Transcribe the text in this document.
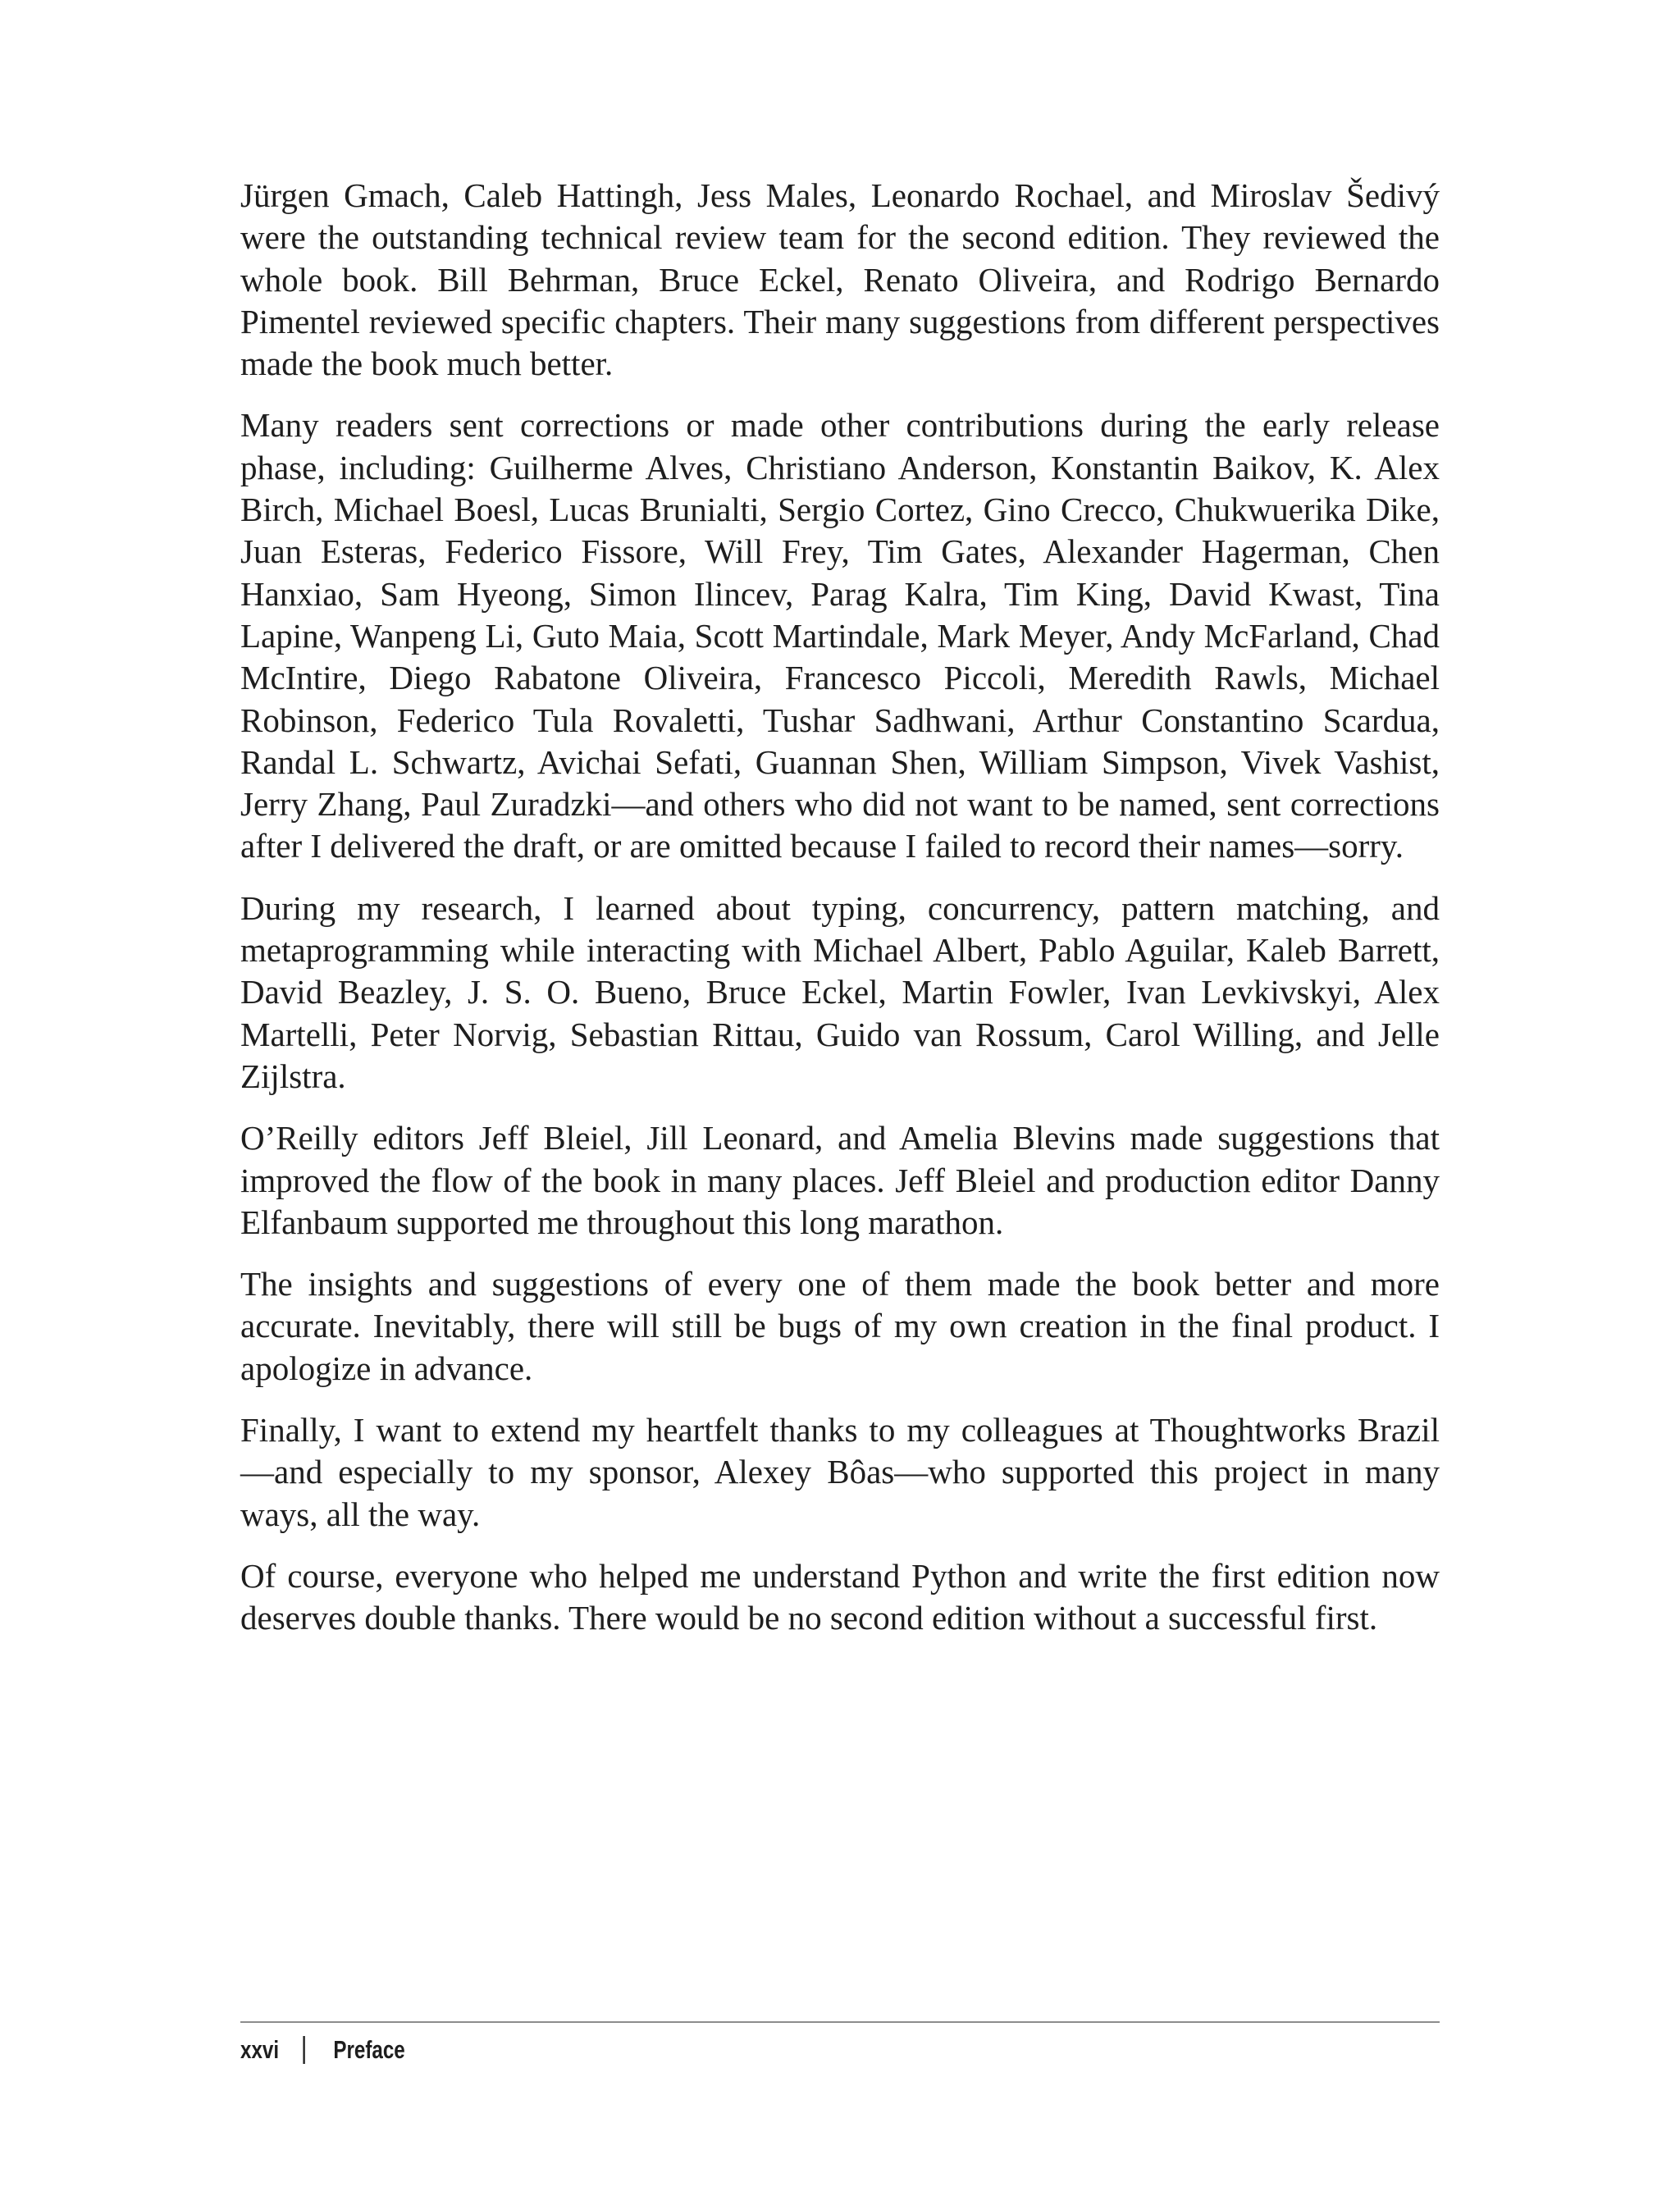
Jürgen Gmach, Caleb Hattingh, Jess Males, Leonardo Rochael, and Miroslav Šedivý were the outstanding technical review team for the second edition. They reviewed the whole book. Bill Behrman, Bruce Eckel, Renato Oliveira, and Rodrigo Bernardo Pimentel reviewed specific chapters. Their many suggestions from different perspectives made the book much better.

Many readers sent corrections or made other contributions during the early release phase, including: Guilherme Alves, Christiano Anderson, Konstantin Baikov, K. Alex Birch, Michael Boesl, Lucas Brunialti, Sergio Cortez, Gino Crecco, Chukwuerika Dike, Juan Esteras, Federico Fissore, Will Frey, Tim Gates, Alexander Hagerman, Chen Hanxiao, Sam Hyeong, Simon Ilincev, Parag Kalra, Tim King, David Kwast, Tina Lapine, Wanpeng Li, Guto Maia, Scott Martindale, Mark Meyer, Andy McFarland, Chad McIntire, Diego Rabatone Oliveira, Francesco Piccoli, Meredith Rawls, Michael Robinson, Federico Tula Rovaletti, Tushar Sadhwani, Arthur Constantino Scardua, Randal L. Schwartz, Avichai Sefati, Guannan Shen, William Simpson, Vivek Vashist, Jerry Zhang, Paul Zuradzki—and others who did not want to be named, sent corrections after I delivered the draft, or are omitted because I failed to record their names—sorry.

During my research, I learned about typing, concurrency, pattern matching, and metaprogramming while interacting with Michael Albert, Pablo Aguilar, Kaleb Barrett, David Beazley, J. S. O. Bueno, Bruce Eckel, Martin Fowler, Ivan Levkivskyi, Alex Martelli, Peter Norvig, Sebastian Rittau, Guido van Rossum, Carol Willing, and Jelle Zijlstra.

O’Reilly editors Jeff Bleiel, Jill Leonard, and Amelia Blevins made suggestions that improved the flow of the book in many places. Jeff Bleiel and production editor Danny Elfanbaum supported me throughout this long marathon.

The insights and suggestions of every one of them made the book better and more accurate. Inevitably, there will still be bugs of my own creation in the final product. I apologize in advance.

Finally, I want to extend my heartfelt thanks to my colleagues at Thoughtworks Brazil —and especially to my sponsor, Alexey Bôas—who supported this project in many ways, all the way.

Of course, everyone who helped me understand Python and write the first edition now deserves double thanks. There would be no second edition without a successful first.

xxvi Preface
